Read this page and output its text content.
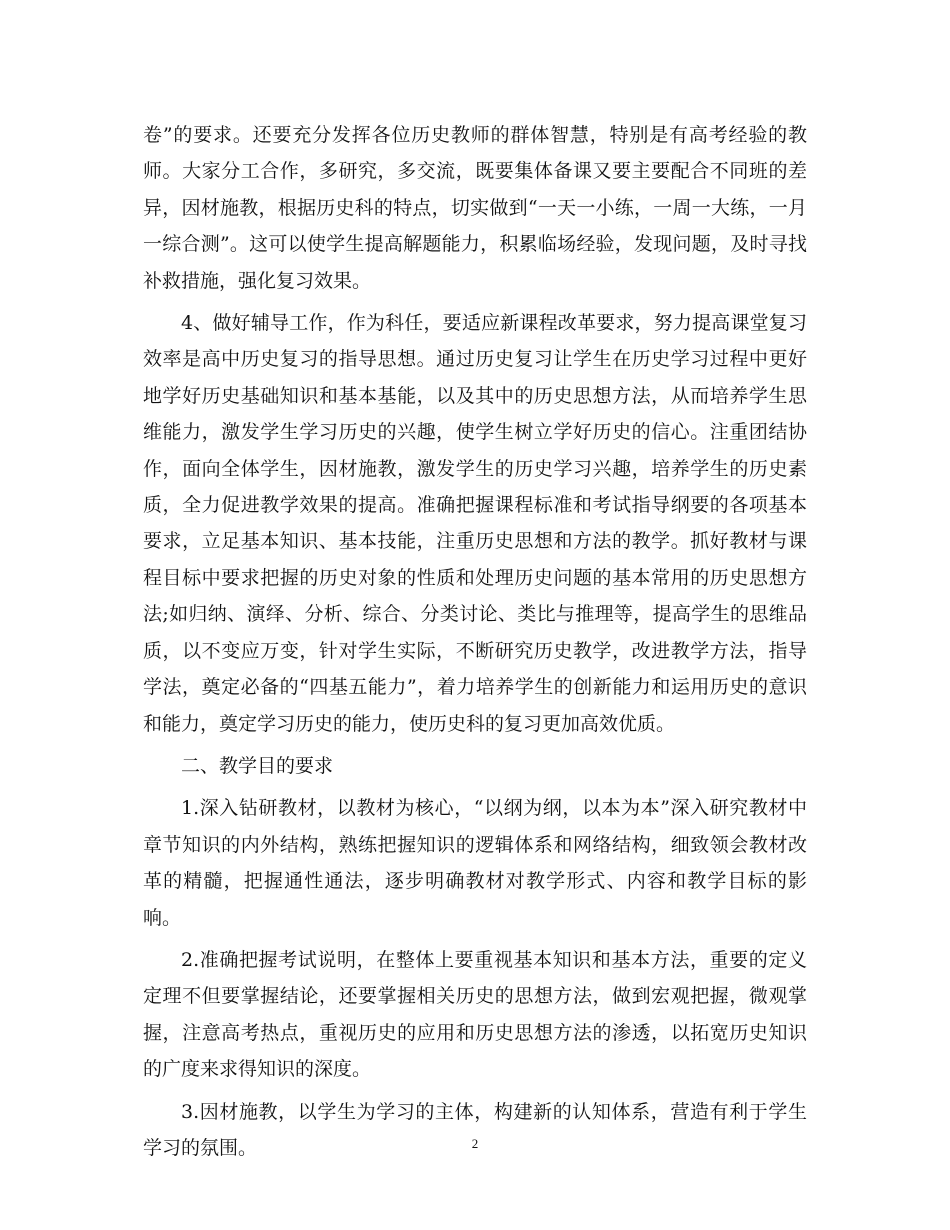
卷”的要求。还要充分发挥各位历史教师的群体智慧，特别是有高考经验的教师。大家分工合作，多研究，多交流，既要集体备课又要主要配合不同班的差异，因材施教，根据历史科的特点，切实做到“一天一小练，一周一大练，一月一综合测”。这可以使学生提高解题能力，积累临场经验，发现问题，及时寻找补救措施，强化复习效果。

4、做好辅导工作，作为科任，要适应新课程改革要求，努力提高课堂复习效率是高中历史复习的指导思想。通过历史复习让学生在历史学习过程中更好地学好历史基础知识和基本基能，以及其中的历史思想方法，从而培养学生思维能力，激发学生学习历史的兴趣，使学生树立学好历史的信心。注重团结协作，面向全体学生，因材施教，激发学生的历史学习兴趣，培养学生的历史素质，全力促进教学效果的提高。准确把握课程标准和考试指导纲要的各项基本要求，立足基本知识、基本技能，注重历史思想和方法的教学。抓好教材与课程目标中要求把握的历史对象的性质和处理历史问题的基本常用的历史思想方法;如归纳、演绎、分析、综合、分类讨论、类比与推理等，提高学生的思维品质，以不变应万变，针对学生实际，不断研究历史教学，改进教学方法，指导学法，奠定必备的“四基五能力”，着力培养学生的创新能力和运用历史的意识和能力，奠定学习历史的能力，使历史科的复习更加高效优质。

二、教学目的要求

1.深入钻研教材，以教材为核心，“以纲为纲，以本为本”深入研究教材中章节知识的内外结构，熟练把握知识的逻辑体系和网络结构，细致领会教材改革的精髓，把握通性通法，逐步明确教材对教学形式、内容和教学目标的影响。

2.准确把握考试说明，在整体上要重视基本知识和基本方法，重要的定义定理不但要掌握结论，还要掌握相关历史的思想方法，做到宏观把握，微观掌握，注意高考热点，重视历史的应用和历史思想方法的渗透，以拓宽历史知识的广度来求得知识的深度。

3.因材施教，以学生为学习的主体，构建新的认知体系，营造有利于学生学习的氛围。	2
